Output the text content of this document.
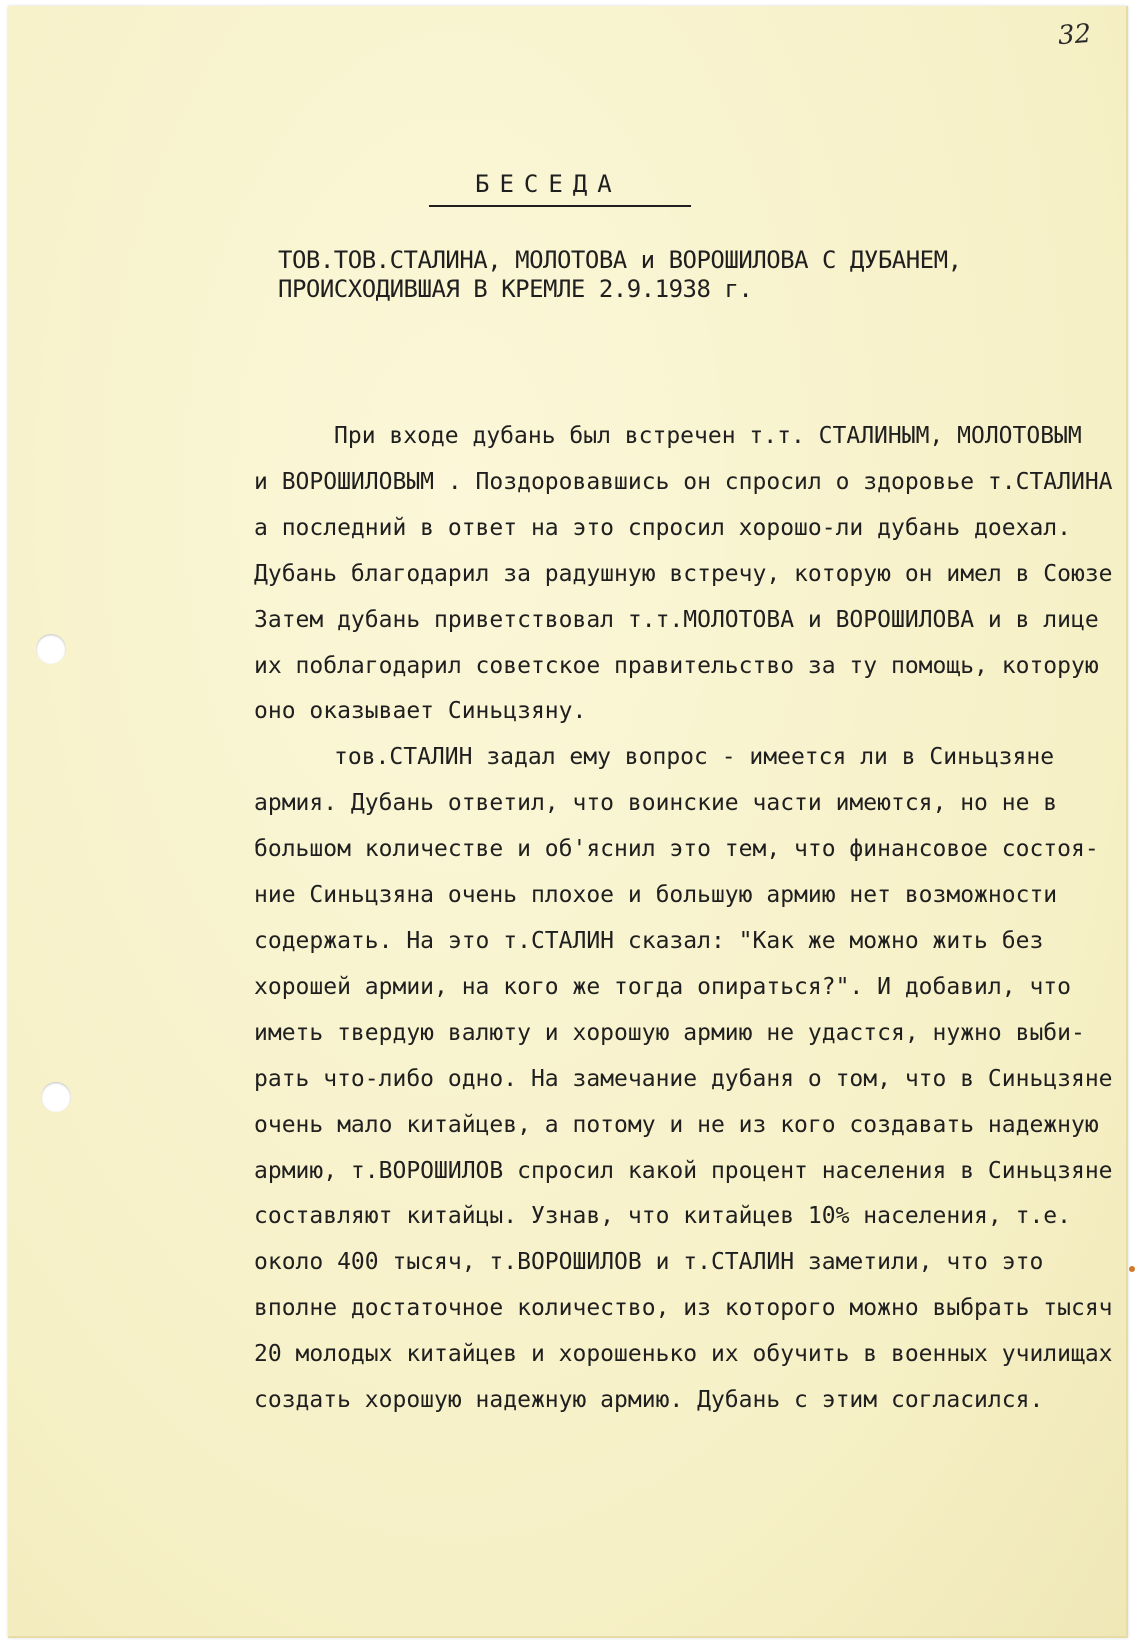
32

БЕСЕДА
ТОВ.ТОВ.СТАЛИНА, МОЛОТОВА и ВОРОШИЛОВА С ДУБАНЕМ,
ПРОИСХОДИВШАЯ В КРЕМЛЕ 2.9.1938 г.

При входе дубань был встречен т.т. СТАЛИНЫМ, МОЛОТОВЫМ

и ВОРОШИЛОВЫМ . Поздоровавшись он спросил о здоровье т.СТАЛИНА

а последний в ответ на это спросил хорошо-ли дубань доехал.

Дубань благодарил за радушную встречу, которую он имел в Союзе

Затем дубань приветствовал т.т.МОЛОТОВА и ВОРОШИЛОВА и в лице

их поблагодарил советское правительство за ту помощь, которую

оно оказывает Синьцзяну.

тов.СТАЛИН задал ему вопрос - имеется ли в Синьцзяне

армия. Дубань ответил, что воинские части имеются, но не в

большом количестве и об'яснил это тем, что финансовое состоя-

ние Синьцзяна очень плохое и большую армию нет возможности

содержать. На это т.СТАЛИН сказал: "Как же можно жить без

хорошей армии, на кого же тогда опираться?". И добавил, что

иметь твердую валюту и хорошую армию не удастся, нужно выби-

рать что-либо одно. На замечание дубаня о том, что в Синьцзяне

очень мало китайцев, а потому и не из кого создавать надежную

армию, т.ВОРОШИЛОВ спросил какой процент населения в Синьцзяне

составляют китайцы. Узнав, что китайцев 10% населения, т.е.

около 400 тысяч, т.ВОРОШИЛОВ и т.СТАЛИН заметили, что это

вполне достаточное количество, из которого можно выбрать тысяч

20 молодых китайцев и хорошенько их обучить в военных училищах

создать хорошую надежную армию. Дубань с этим согласился.
